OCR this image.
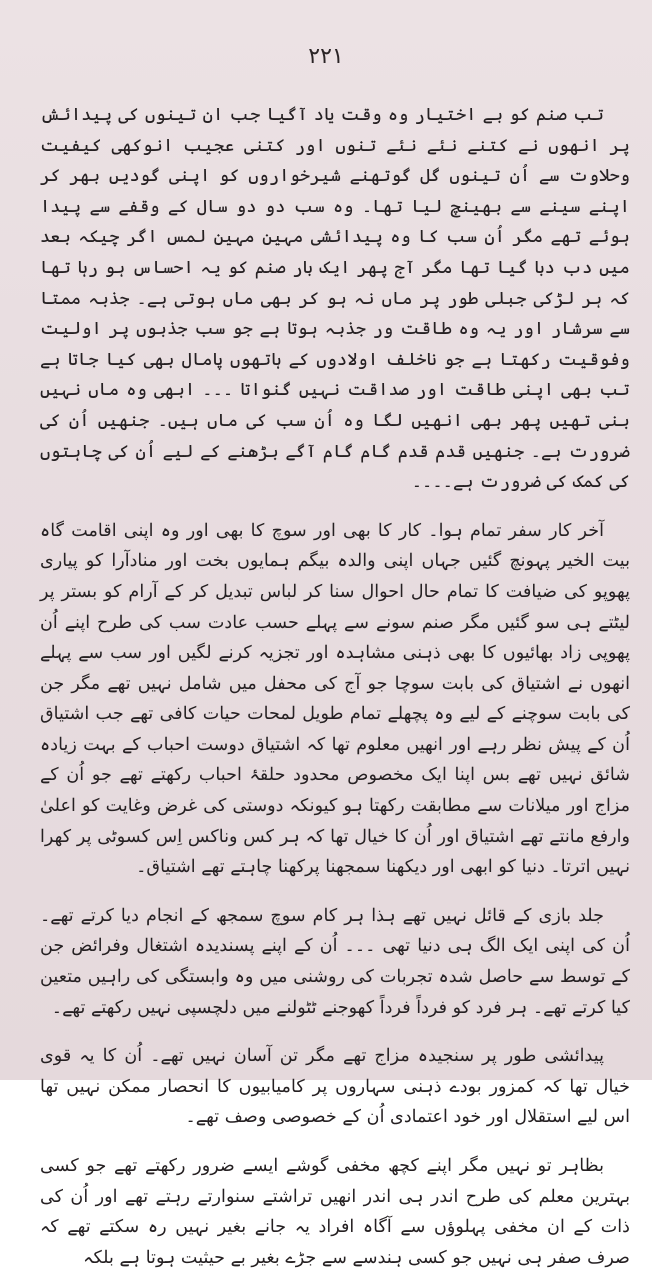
۲۲۱

تب صنم کو بے اختیار وہ وقت یاد آگیا جب ان تینوں کی پیدائش پر انھوں نے کتنے نئے نئے تنوں اور کتنی عجیب انوکھی کیفیت وحلاوت سے اُن تینوں گل گوتھنے شیرخواروں کو اپنی گودیں بھر کر اپنے سینے سے بھینچ لیا تھا۔ وہ سب دو دو سال کے وقفے سے پیدا ہوئے تھے مگر اُن سب کا وہ پیدائشی مہین مہین لمس اگر چیکہ بعد میں دب دبا گیا تھا مگر آج پھر ایک بار صنم کو یہ احساس ہو رہا تھا کہ ہر لڑکی جبلی طور پر ماں نہ ہو کر بھی ماں ہوتی ہے۔ جذبہ ممتا سے سرشار اور یہ وہ طاقت ور جذبہ ہوتا ہے جو سب جذبوں پر اولیت وفوقیت رکھتا ہے جو ناخلف اولادوں کے ہاتھوں پامال بھی کیا جاتا ہے تب بھی اپنی طاقت اور صداقت نہیں گنواتا ۔۔۔ ابھی وہ ماں نہیں بنی تھیں پھر بھی انھیں لگا وہ اُن سب کی ماں ہیں۔ جنھیں اُن کی ضرورت ہے۔ جنھیں قدم قدم گام گام آگے بڑھنے کے لیے اُن کی چاہتوں کی کمک کی ضرورت ہے۔۔۔۔

آخر کار سفر تمام ہوا۔ کار کا بھی اور سوچ کا بھی اور وہ اپنی اقامت گاہ بیت الخیر پہونچ گئیں جہاں اپنی والدہ بیگم ہمایوں بخت اور منادآرا کو پیاری پھوپو کی ضیافت کا تمام حال احوال سنا کر لباس تبدیل کر کے آرام کو بستر پر لیٹتے ہی سو گئیں مگر صنم سونے سے پہلے حسب عادت سب کی طرح اپنے اُن پھوپی زاد بھائیوں کا بھی ذہنی مشاہدہ اور تجزیہ کرنے لگیں اور سب سے پہلے انھوں نے اشتیاق کی بابت سوچا جو آج کی محفل میں شامل نہیں تھے مگر جن کی بابت سوچنے کے لیے وہ پچھلے تمام طویل لمحات حیات کافی تھے جب اشتیاق اُن کے پیش نظر رہے اور انھیں معلوم تھا کہ اشتیاق دوست احباب کے بہت زیادہ شائق نہیں تھے بس اپنا ایک مخصوص محدود حلقۂ احباب رکھتے تھے جو اُن کے مزاج اور میلانات سے مطابقت رکھتا ہو کیونکہ دوستی کی غرض وغایت کو اعلیٰ وارفع مانتے تھے اشتیاق اور اُن کا خیال تھا کہ ہر کس وناکس اِس کسوٹی پر کھرا نہیں اترتا۔ دنیا کو ابھی اور دیکھنا سمجھنا پرکھنا چاہتے تھے اشتیاق۔

جلد بازی کے قائل نہیں تھے ہذا ہر کام سوچ سمجھ کے انجام دیا کرتے تھے۔ اُن کی اپنی ایک الگ ہی دنیا تھی ۔۔۔ اُن کے اپنے پسندیدہ اشتغال وفرائض جن کے توسط سے حاصل شدہ تجربات کی روشنی میں وہ وابستگی کی راہیں متعین کیا کرتے تھے۔ ہر فرد کو فرداً فرداً کھوجنے ٹٹولنے میں دلچسپی نہیں رکھتے تھے۔

پیدائشی طور پر سنجیدہ مزاج تھے مگر تن آسان نہیں تھے۔ اُن کا یہ قوی خیال تھا کہ کمزور بودے ذہنی سہاروں پر کامیابیوں کا انحصار ممکن نہیں تھا اس لیے استقلال اور خود اعتمادی اُن کے خصوصی وصف تھے۔

بظاہر تو نہیں مگر اپنے کچھ مخفی گوشے ایسے ضرور رکھتے تھے جو کسی بہترین معلم کی طرح اندر ہی اندر انھیں تراشتے سنوارتے رہتے تھے اور اُن کی ذات کے ان مخفی پہلوؤں سے آگاہ افراد یہ جانے بغیر نہیں رہ سکتے تھے کہ صرف صفر ہی نہیں جو کسی ہندسے سے جڑے بغیر بے حیثیت ہوتا ہے بلکہ
